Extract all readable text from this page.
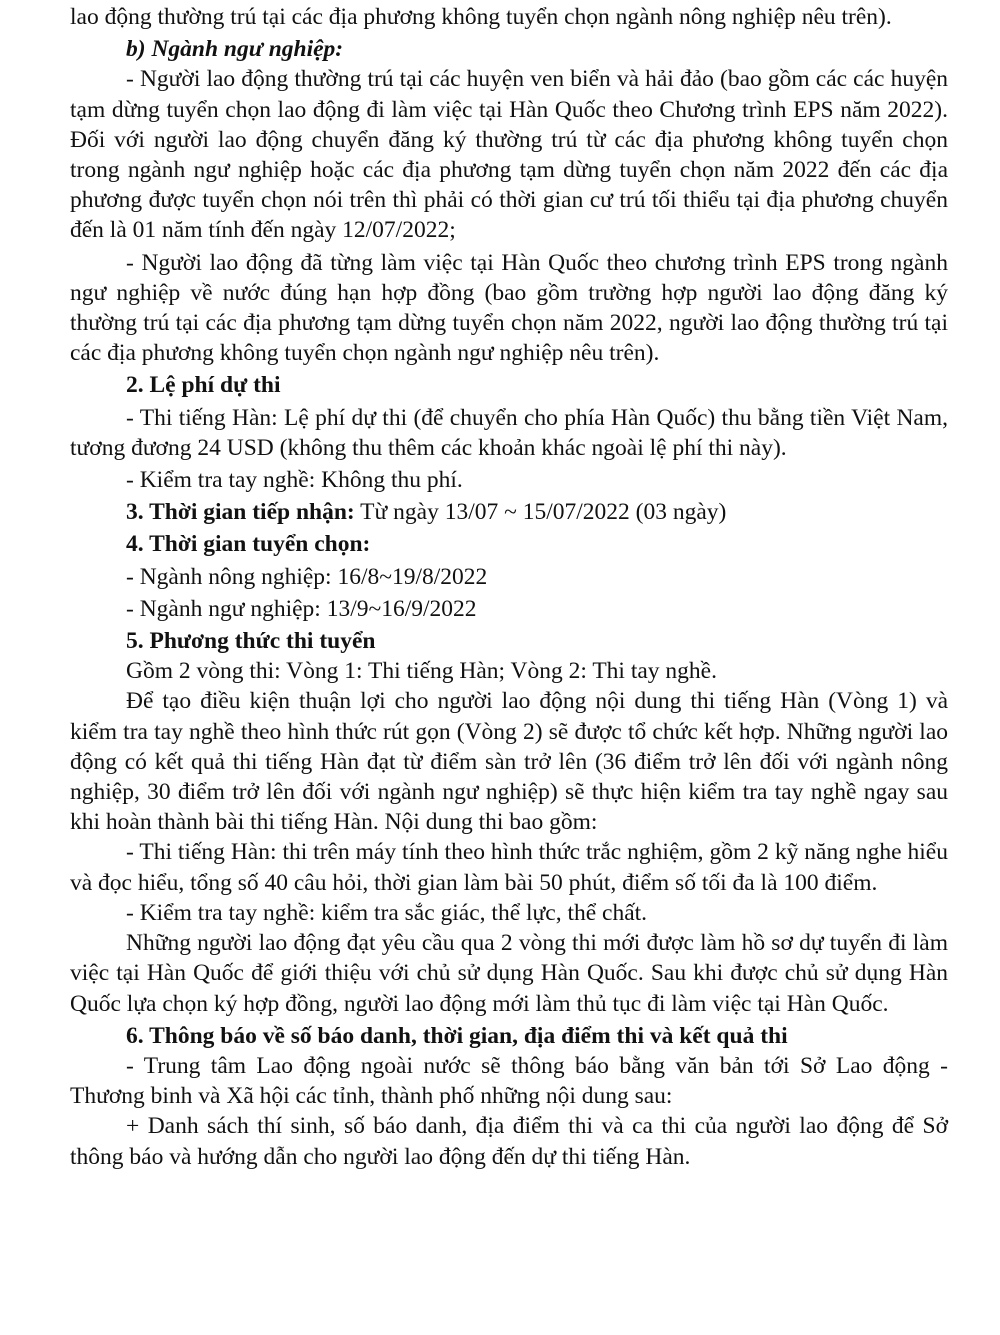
lao động thường trú tại các địa phương không tuyển chọn ngành nông nghiệp nêu trên).

b) Ngành ngư nghiệp:

- Người lao động thường trú tại các huyện ven biển và hải đảo (bao gồm các các huyện tạm dừng tuyển chọn lao động đi làm việc tại Hàn Quốc theo Chương trình EPS năm 2022). Đối với người lao động chuyển đăng ký thường trú từ các địa phương không tuyển chọn trong ngành ngư nghiệp hoặc các địa phương tạm dừng tuyển chọn năm 2022 đến các địa phương được tuyển chọn nói trên thì phải có thời gian cư trú tối thiểu tại địa phương chuyển đến là 01 năm tính đến ngày 12/07/2022;

- Người lao động đã từng làm việc tại Hàn Quốc theo chương trình EPS trong ngành ngư nghiệp về nước đúng hạn hợp đồng (bao gồm trường hợp người lao động đăng ký thường trú tại các địa phương tạm dừng tuyển chọn năm 2022, người lao động thường trú tại các địa phương không tuyển chọn ngành ngư nghiệp nêu trên).

2. Lệ phí dự thi

- Thi tiếng Hàn: Lệ phí dự thi (để chuyển cho phía Hàn Quốc) thu bằng tiền Việt Nam, tương đương 24 USD (không thu thêm các khoản khác ngoài lệ phí thi này).

- Kiểm tra tay nghề: Không thu phí.

3. Thời gian tiếp nhận: Từ ngày 13/07 ~ 15/07/2022 (03 ngày)

4. Thời gian tuyển chọn:

- Ngành nông nghiệp: 16/8~19/8/2022

- Ngành ngư nghiệp: 13/9~16/9/2022

5. Phương thức thi tuyển

Gồm 2 vòng thi: Vòng 1: Thi tiếng Hàn; Vòng 2: Thi tay nghề.

Để tạo điều kiện thuận lợi cho người lao động nội dung thi tiếng Hàn (Vòng 1) và kiểm tra tay nghề theo hình thức rút gọn (Vòng 2) sẽ được tổ chức kết hợp. Những người lao động có kết quả thi tiếng Hàn đạt từ điểm sàn trở lên (36 điểm trở lên đối với ngành nông nghiệp, 30 điểm trở lên đối với ngành ngư nghiệp) sẽ thực hiện kiểm tra tay nghề ngay sau khi hoàn thành bài thi tiếng Hàn. Nội dung thi bao gồm:

- Thi tiếng Hàn: thi trên máy tính theo hình thức trắc nghiệm, gồm 2 kỹ năng nghe hiểu và đọc hiểu, tổng số 40 câu hỏi, thời gian làm bài 50 phút, điểm số tối đa là 100 điểm.

- Kiểm tra tay nghề: kiểm tra sắc giác, thể lực, thể chất.

Những người lao động đạt yêu cầu qua 2 vòng thi mới được làm hồ sơ dự tuyển đi làm việc tại Hàn Quốc để giới thiệu với chủ sử dụng Hàn Quốc. Sau khi được chủ sử dụng Hàn Quốc lựa chọn ký hợp đồng, người lao động mới làm thủ tục đi làm việc tại Hàn Quốc.

6. Thông báo về số báo danh, thời gian, địa điểm thi và kết quả thi

- Trung tâm Lao động ngoài nước sẽ thông báo bằng văn bản tới Sở Lao động - Thương binh và Xã hội các tỉnh, thành phố những nội dung sau:

+ Danh sách thí sinh, số báo danh, địa điểm thi và ca thi của người lao động để Sở thông báo và hướng dẫn cho người lao động đến dự thi tiếng Hàn.
